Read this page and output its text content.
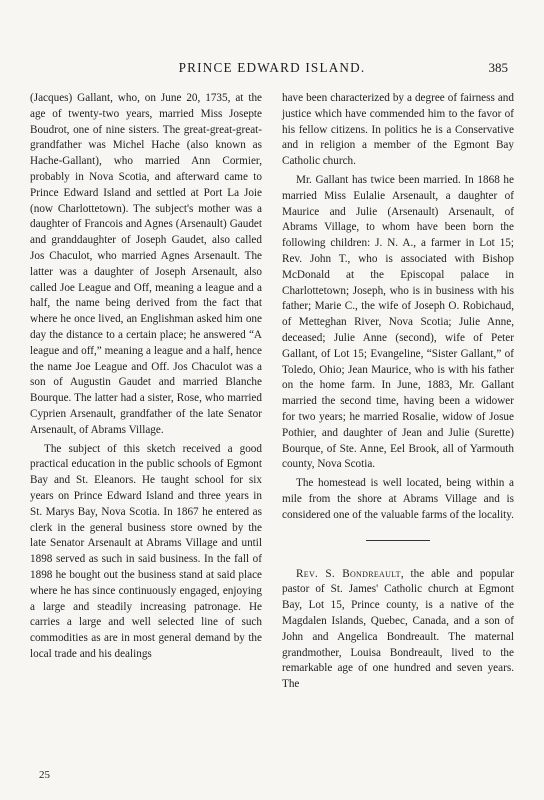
PRINCE EDWARD ISLAND.	385

(Jacques) Gallant, who, on June 20, 1735, at the age of twenty-two years, married Miss Josepte Boudrot, one of nine sisters. The great-great-great-grandfather was Michel Hache (also known as Hache-Gallant), who married Ann Cormier, probably in Nova Scotia, and afterward came to Prince Edward Island and settled at Port La Joie (now Charlottetown). The subject's mother was a daughter of Francois and Agnes (Arsenault) Gaudet and granddaughter of Joseph Gaudet, also called Jos Chaculot, who married Agnes Arsenault. The latter was a daughter of Joseph Arsenault, also called Joe League and Off, meaning a league and a half, the name being derived from the fact that where he once lived, an Englishman asked him one day the distance to a certain place; he answered “A league and off,” meaning a league and a half, hence the name Joe League and Off. Jos Chaculot was a son of Augustin Gaudet and married Blanche Bourque. The latter had a sister, Rose, who married Cyprien Arsenault, grandfather of the late Senator Arsenault, of Abrams Village.

The subject of this sketch received a good practical education in the public schools of Egmont Bay and St. Eleanors. He taught school for six years on Prince Edward Island and three years in St. Marys Bay, Nova Scotia. In 1867 he entered as clerk in the general business store owned by the late Senator Arsenault at Abrams Village and until 1898 served as such in said business. In the fall of 1898 he bought out the business stand at said place where he has since continuously engaged, enjoying a large and steadily increasing patronage. He carries a large and well selected line of such commodities as are in most general demand by the local trade and his dealings

have been characterized by a degree of fairness and justice which have commended him to the favor of his fellow citizens. In politics he is a Conservative and in religion a member of the Egmont Bay Catholic church.

Mr. Gallant has twice been married. In 1868 he married Miss Eulalie Arsenault, a daughter of Maurice and Julie (Arsenault) Arsenault, of Abrams Village, to whom have been born the following children: J. N. A., a farmer in Lot 15; Rev. John T., who is associated with Bishop McDonald at the Episcopal palace in Charlottetown; Joseph, who is in business with his father; Marie C., the wife of Joseph O. Robichaud, of Metteghan River, Nova Scotia; Julie Anne, deceased; Julie Anne (second), wife of Peter Gallant, of Lot 15; Evangeline, “Sister Gallant,” of Toledo, Ohio; Jean Maurice, who is with his father on the home farm. In June, 1883, Mr. Gallant married the second time, having been a widower for two years; he married Rosalie, widow of Josue Pothier, and daughter of Jean and Julie (Surette) Bourque, of Ste. Anne, Eel Brook, all of Yarmouth county, Nova Scotia.

The homestead is well located, being within a mile from the shore at Abrams Village and is considered one of the valuable farms of the locality.

Rev. S. Bondreault, the able and popular pastor of St. James' Catholic church at Egmont Bay, Lot 15, Prince county, is a native of the Magdalen Islands, Quebec, Canada, and a son of John and Angelica Bondreault. The maternal grandmother, Louisa Bondreault, lived to the remarkable age of one hundred and seven years. The

25
